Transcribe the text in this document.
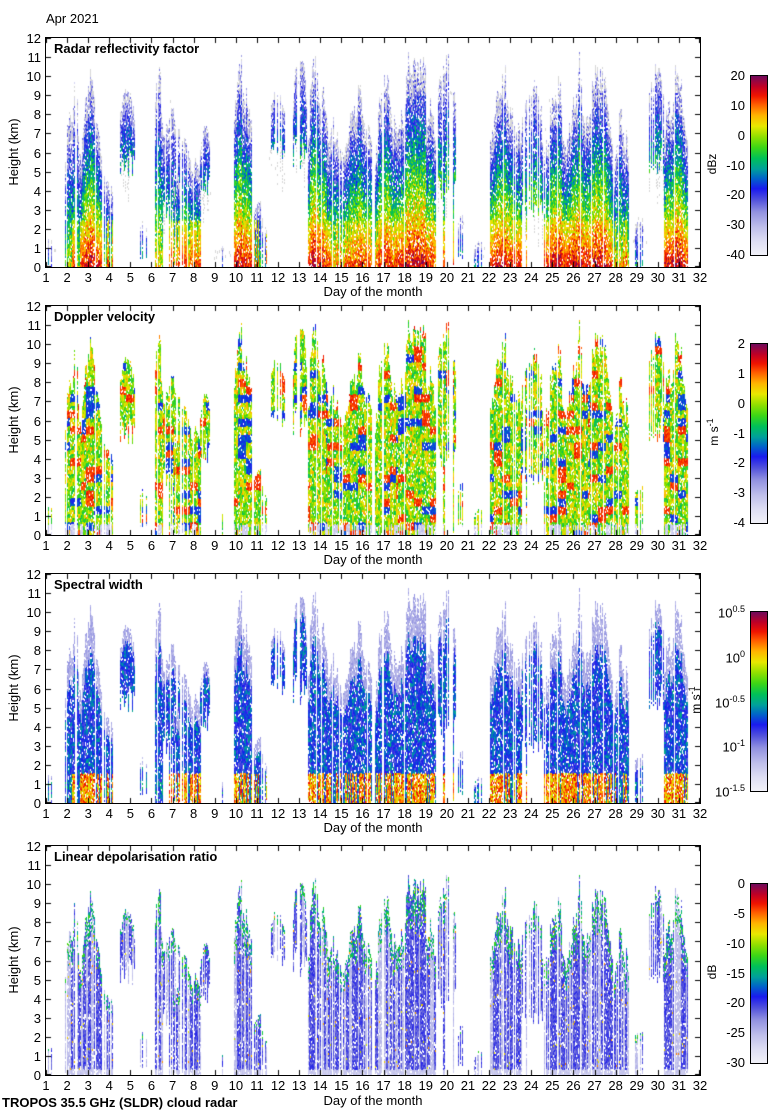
Apr 2021
Height (km)
Radar reflectivity factor
dBz
Day of the month
Height (km)
Doppler velocity
m $s^{-1}$
Day of the month
Height (km)
Spectral width
m $s^{-1}$
Day of the month
Height (km)
Linear depolarisation ratio
dB
Day of the month
TROPOS 35.5 GHz (SLDR) cloud radar
1	2	3	4	5	6	7	8	9 10 11 12 13 14 15 16 17 18 19 20 21 22 23 24 25 26 27 28 29 30 31 32
0
1
2
3
4
5
6
7
8
9
10
11
12
20
10
0
-10
-20
-30
-40
1	2	3	4	5	6	7	8	9 10 11 12 13 14 15 16 17 18 19 20 21 22 23 24 25 26 27 28 29 30 31 32
0
1
2
3
4
5
6
7
8
9
10
11
12
2
1
0
-1
-2
-3
-4
1	2	3	4	5	6	7	8	9 10 11 12 13 14 15 16 17 18 19 20 21 22 23 24 25 26 27 28 29 30 31 32
0
1
2
3
4
5
6
7
8
9
10
11
12
$10^{0.5}$
$10^0$
$10^{-0.5}$
$10^{-1}$
$10^{-1.5}$
1	2	3	4	5	6	7	8	9 10 11 12 13 14 15 16 17 18 19 20 21 22 23 24 25 26 27 28 29 30 31 32
0
1
2
3
4
5
6
7
8
9
10
11
12
0
-5
-10
-15
-20
-25
-30
